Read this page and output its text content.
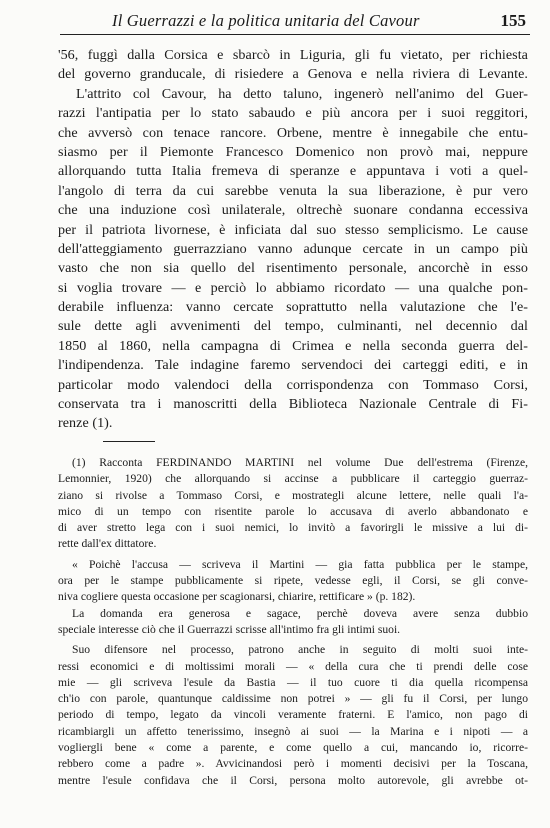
Il Guerrazzi e la politica unitaria del Cavour	155
'56, fuggì dalla Corsica e sbarcò in Liguria, gli fu vietato, per richiesta
del governo granducale, di risiedere a Genova e nella riviera di Levante.
L'attrito col Cavour, ha detto taluno, ingenerò nell'animo del Guer-
razzi l'antipatia per lo stato sabaudo e più ancora per i suoi reggitori,
che avversò con tenace rancore. Orbene, mentre è innegabile che entu-
siasmo per il Piemonte Francesco Domenico non provò mai, neppure
allorquando tutta Italia fremeva di speranze e appuntava i voti a quel-
l'angolo di terra da cui sarebbe venuta la sua liberazione, è pur vero
che una induzione così unilaterale, oltrechè suonare condanna eccessiva
per il patriota livornese, è inficiata dal suo stesso semplicismo. Le cause
dell'atteggiamento guerrazziano vanno adunque cercate in un campo più
vasto che non sia quello del risentimento personale, ancorchè in esso
si voglia trovare — e perciò lo abbiamo ricordato — una qualche pon-
derabile influenza: vanno cercate soprattutto nella valutazione che l'e-
sule dette agli avvenimenti del tempo, culminanti, nel decennio dal
1850 al 1860, nella campagna di Crimea e nella seconda guerra del-
l'indipendenza. Tale indagine faremo servendoci dei carteggi editi, e in
particolar modo valendoci della corrispondenza con Tommaso Corsi,
conservata tra i manoscritti della Biblioteca Nazionale Centrale di Fi-
renze (1).
(1) Racconta FERDINANDO MARTINI nel volume Due dell'estrema (Firenze,
Lemonnier, 1920) che allorquando si accinse a pubblicare il carteggio guerraz-
ziano si rivolse a Tommaso Corsi, e mostrategli alcune lettere, nelle quali l'a-
mico di un tempo con risentite parole lo accusava di averlo abbandonato e
di aver stretto lega con i suoi nemici, lo invitò a favorirgli le missive a lui di-
rette dall'ex dittatore.
« Poichè l'accusa — scriveva il Martini — gia fatta pubblica per le stampe,
ora per le stampe pubblicamente si ripete, vedesse egli, il Corsi, se gli conve-
niva cogliere questa occasione per scagionarsi, chiarire, rettificare » (p. 182).
La domanda era generosa e sagace, perchè doveva avere senza dubbio
speciale interesse ciò che il Guerrazzi scrisse all'intimo fra gli intimi suoi.
Suo difensore nel processo, patrono anche in seguito di molti suoi inte-
ressi economici e di moltissimi morali — « della cura che ti prendi delle cose
mie — gli scriveva l'esule da Bastia — il tuo cuore ti dia quella ricompensa
ch'io con parole, quantunque caldissime non potrei » — gli fu il Corsi, per lungo
periodo di tempo, legato da vincoli veramente fraterni. E l'amico, non pago di
ricambiargli un affetto tenerissimo, insegnò ai suoi — la Marina e i nipoti — a
vogliergli bene « come a parente, e come quello a cui, mancando io, ricorre-
rebbero come a padre ». Avvicinandosi però i momenti decisivi per la Toscana,
mentre l'esule confidava che il Corsi, persona molto autorevole, gli avrebbe ot-
